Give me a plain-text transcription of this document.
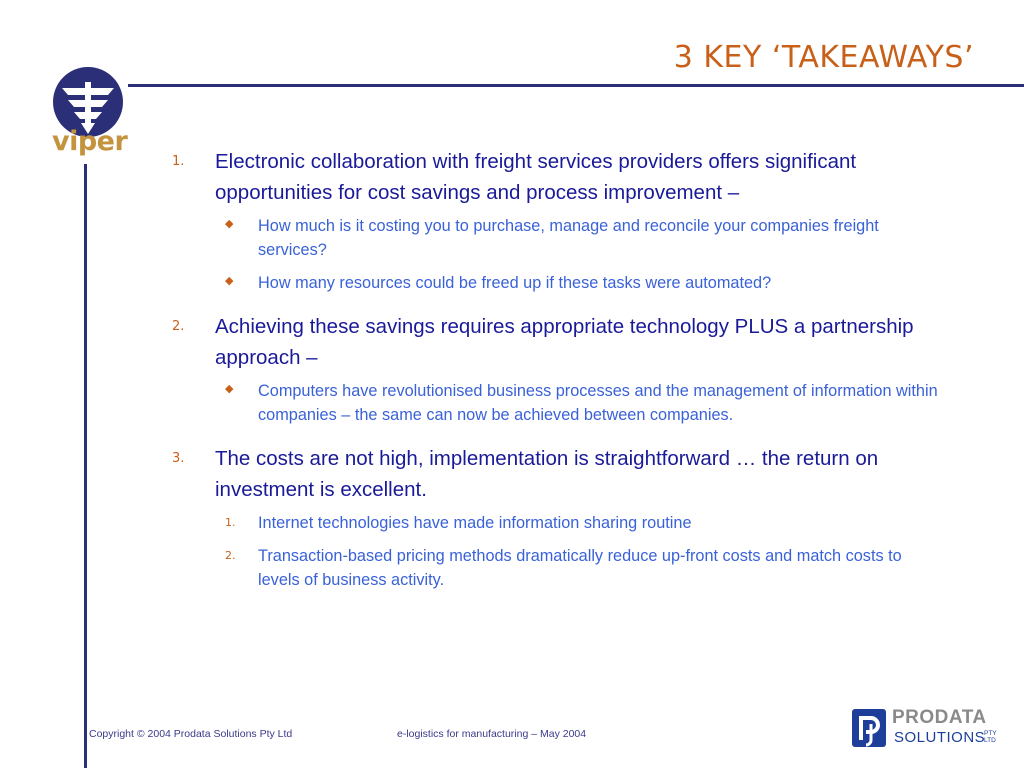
3 KEY ‘TAKEAWAYS’
viper
1. Electronic collaboration with freight services providers offers significant opportunities for cost savings and process improvement –
◆ How much is it costing you to purchase, manage and reconcile your companies freight services?
◆ How many resources could be freed up if these tasks were automated?
2. Achieving these savings requires appropriate technology PLUS a partnership approach –
◆ Computers have revolutionised business processes and the management of information within companies – the same can now be achieved between companies.
3. The costs are not high, implementation is straightforward … the return on investment is excellent.
1. Internet technologies have made information sharing routine
2. Transaction-based pricing methods dramatically reduce up-front costs and match costs to levels of business activity.
Copyright © 2004 Prodata Solutions Pty Ltd	e-logistics for manufacturing – May 2004
PRODATA
SOLUTIONS
PTY
LTD
